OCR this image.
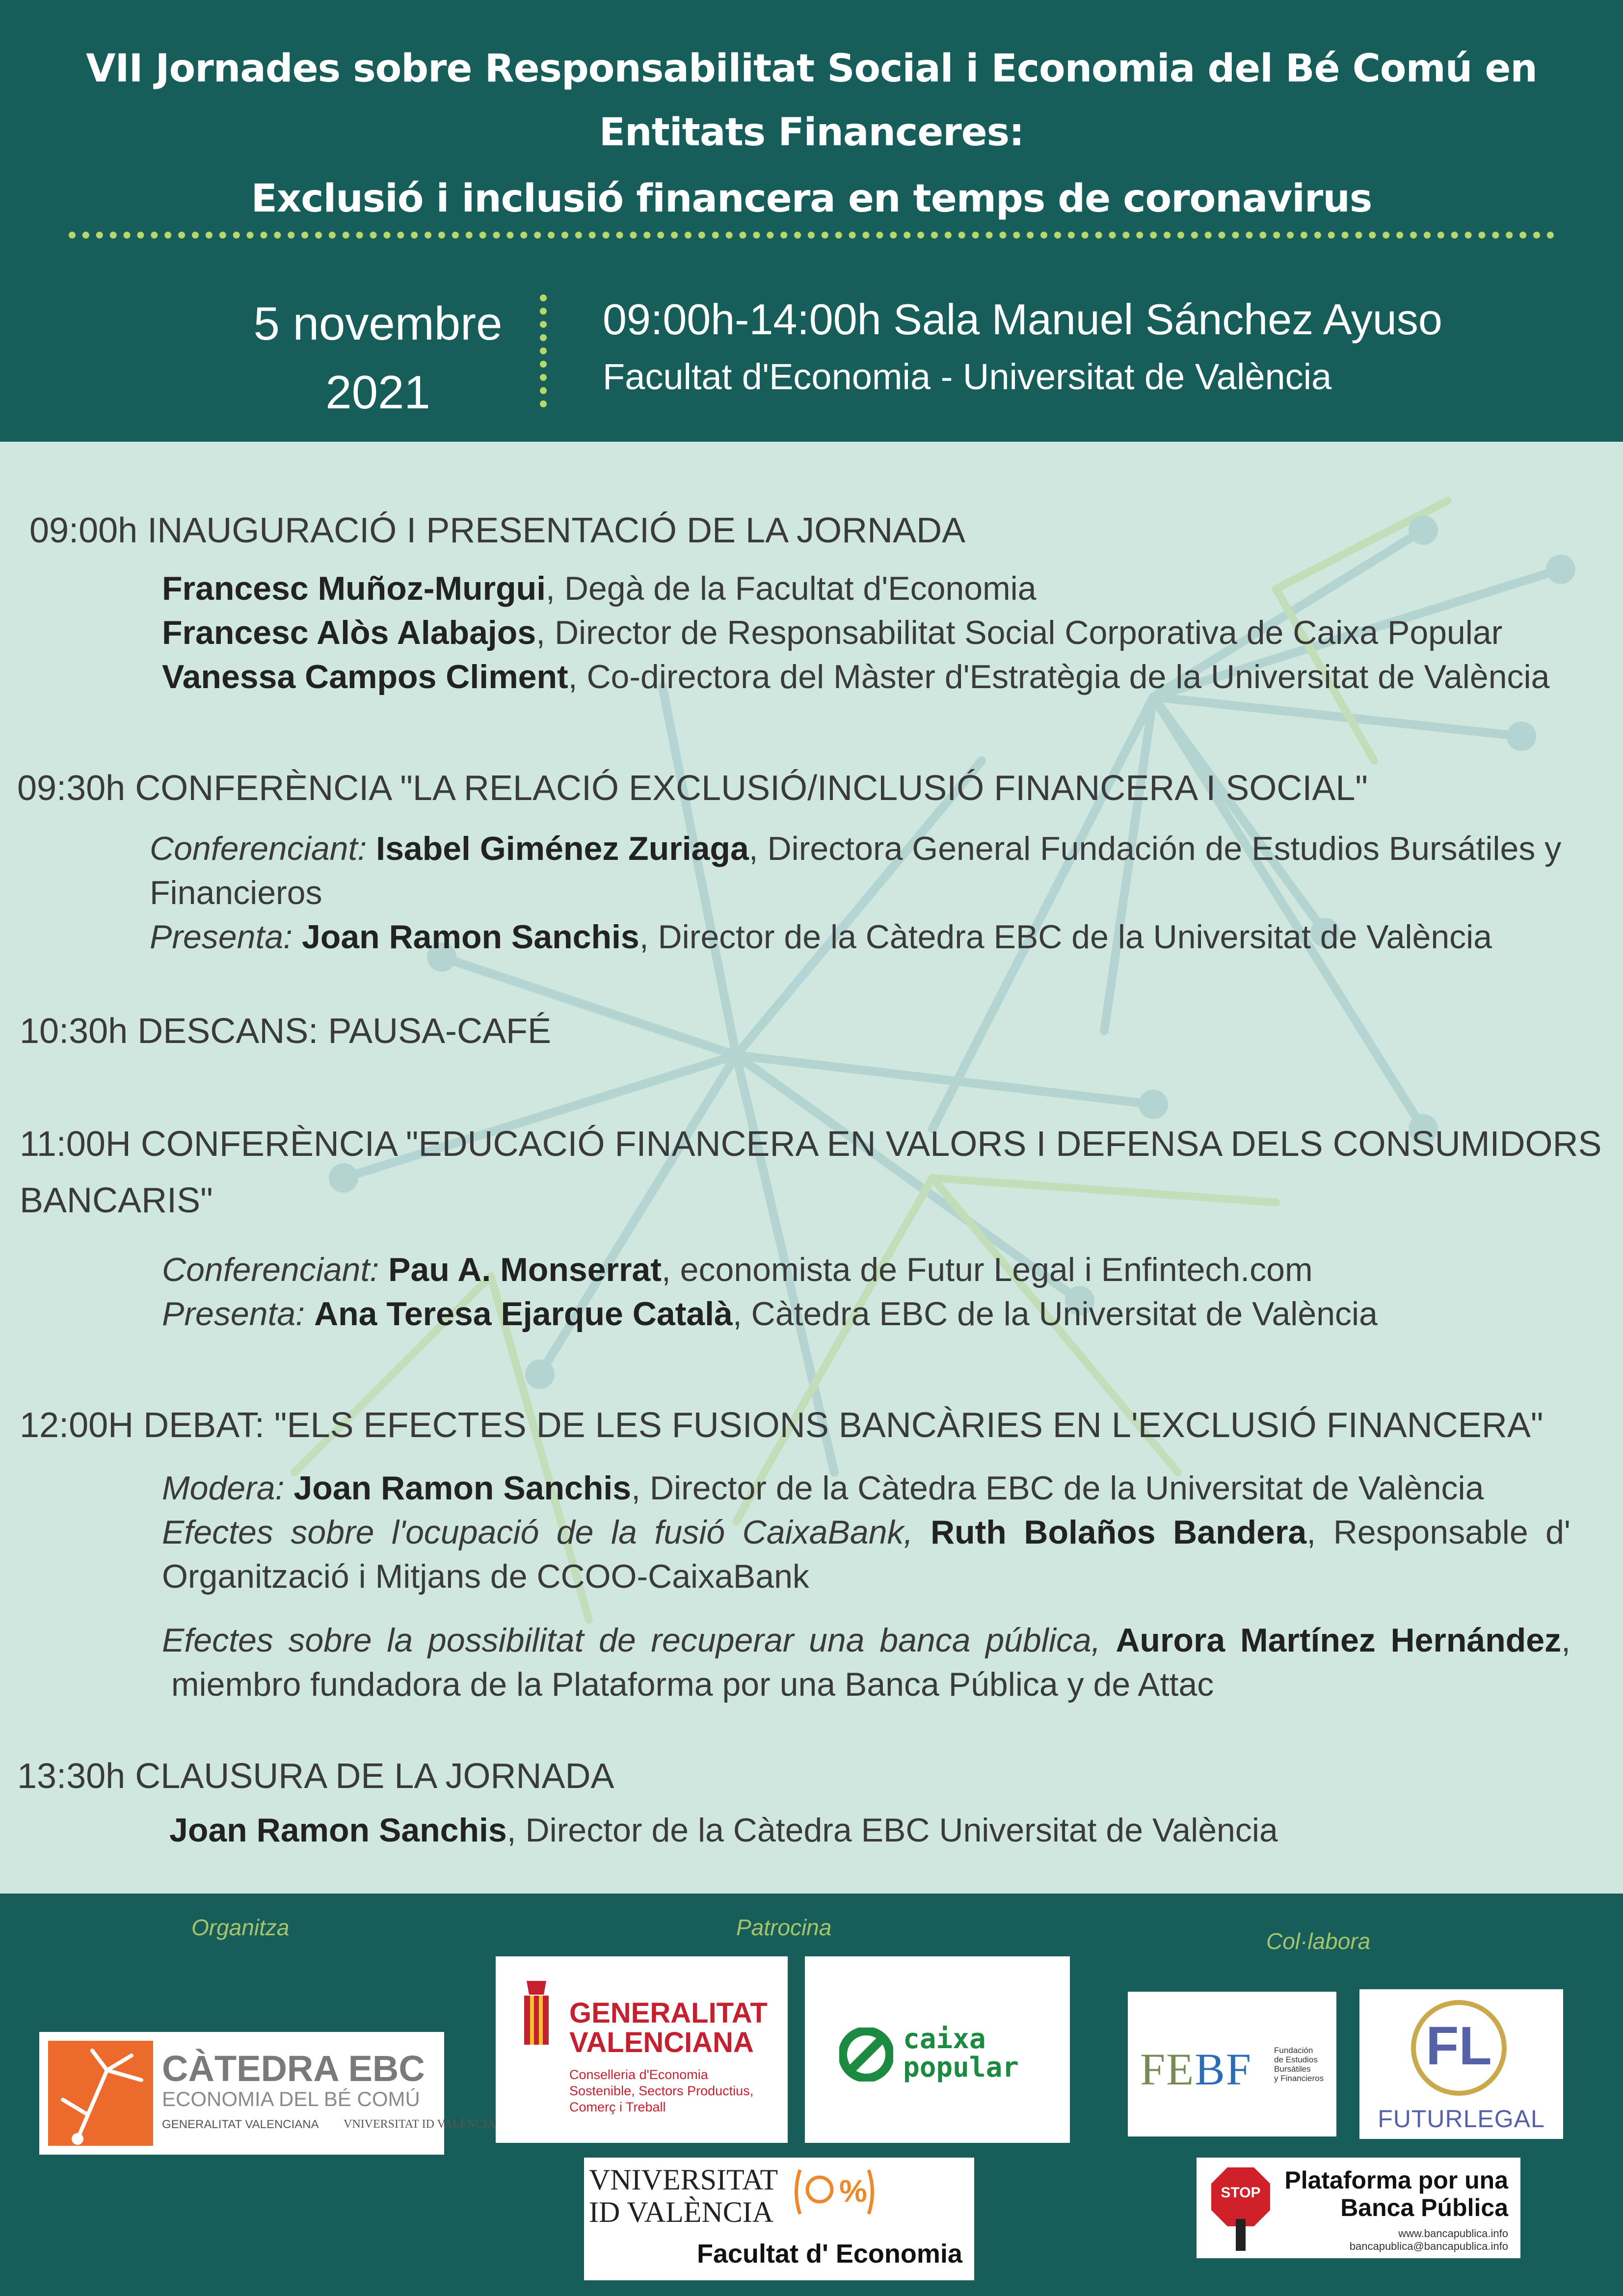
VII Jornades sobre Responsabilitat Social i Economia del Bé Comú en
Entitats Financeres:
Exclusió i inclusió financera en temps de coronavirus
5 novembre
2021
09:00h-14:00h Sala Manuel Sánchez Ayuso
Facultat d'Economia - Universitat de València
09:00h INAUGURACIÓ I PRESENTACIÓ DE LA JORNADA
Francesc Muñoz-Murgui, Degà de la Facultat d'Economia
Francesc Alòs Alabajos, Director de Responsabilitat Social Corporativa de Caixa Popular
Vanessa Campos Climent, Co-directora del Màster d'Estratègia de la Universitat de València
09:30h CONFERÈNCIA "LA RELACIÓ EXCLUSIÓ/INCLUSIÓ FINANCERA I SOCIAL"
Conferenciant: Isabel Giménez Zuriaga, Directora General Fundación de Estudios Bursátiles y
Financieros
Presenta: Joan Ramon Sanchis, Director de la Càtedra EBC de la Universitat de València
10:30h DESCANS: PAUSA-CAFÉ
11:00H CONFERÈNCIA "EDUCACIÓ FINANCERA EN VALORS I DEFENSA DELS CONSUMIDORS
BANCARIS"
Conferenciant: Pau A. Monserrat, economista de Futur Legal i Enfintech.com
Presenta: Ana Teresa Ejarque Català, Càtedra EBC de la Universitat de València
12:00H DEBAT: "ELS EFECTES DE LES FUSIONS BANCÀRIES EN L'EXCLUSIÓ FINANCERA"
Modera: Joan Ramon Sanchis, Director de la Càtedra EBC de la Universitat de València
Efectes sobre l'ocupació de la fusió CaixaBank, Ruth Bolaños Bandera, Responsable d'
Organització i Mitjans de CCOO-CaixaBank
Efectes sobre la possibilitat de recuperar una banca pública, Aurora Martínez Hernández,
miembro fundadora de la Plataforma por una Banca Pública y de Attac
13:30h CLAUSURA DE LA JORNADA
Joan Ramon Sanchis, Director de la Càtedra EBC Universitat de València
Organitza	Patrocina
Col·labora
CÀTEDRA EBC
ECONOMIA DEL BÉ COMÚ
GENERALITAT VALENCIANA VNIVERSITAT ID VALÈNCIA
GENERALITAT
VALENCIANA
Conselleria d'Economia
Sostenible, Sectors Productius,
Comerç i Treball
caixa
popular	FEBF	Fundación
de Estudios
Bursátiles
y Financieros
FL
FUTURLEGAL
VNIVERSITAT
ID VALÈNCIA
%
Facultat d' Economia
STOP Plataforma por una
Banca Pública
www.bancapublica.info
bancapublica@bancapublica.info
